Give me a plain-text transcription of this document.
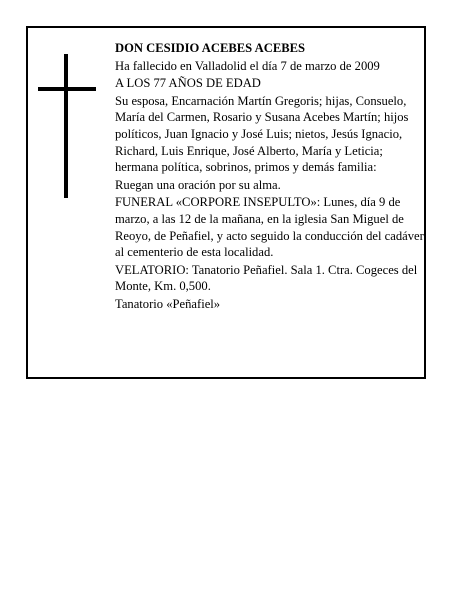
DON CESIDIO ACEBES ACEBES

Ha fallecido en Valladolid el día 7 de marzo de 2009

A LOS 77 AÑOS DE EDAD

Su esposa, Encarnación Martín Gregoris; hijas, Consuelo, María del Carmen, Rosario y Susana Acebes Martín; hijos políticos, Juan Ignacio y José Luis; nietos, Jesús Ignacio, Richard, Luis Enrique, José Alberto, María y Leticia; hermana política, sobrinos, primos y demás familia:

Ruegan una oración por su alma.

FUNERAL «CORPORE INSEPULTO»: Lunes, día 9 de marzo, a las 12 de la mañana, en la iglesia San Miguel de Reoyo, de Peñafiel, y acto seguido la conducción del cadáver al cementerio de esta localidad.

VELATORIO: Tanatorio Peñafiel. Sala 1. Ctra. Cogeces del Monte, Km. 0,500.

Tanatorio «Peñafiel»
